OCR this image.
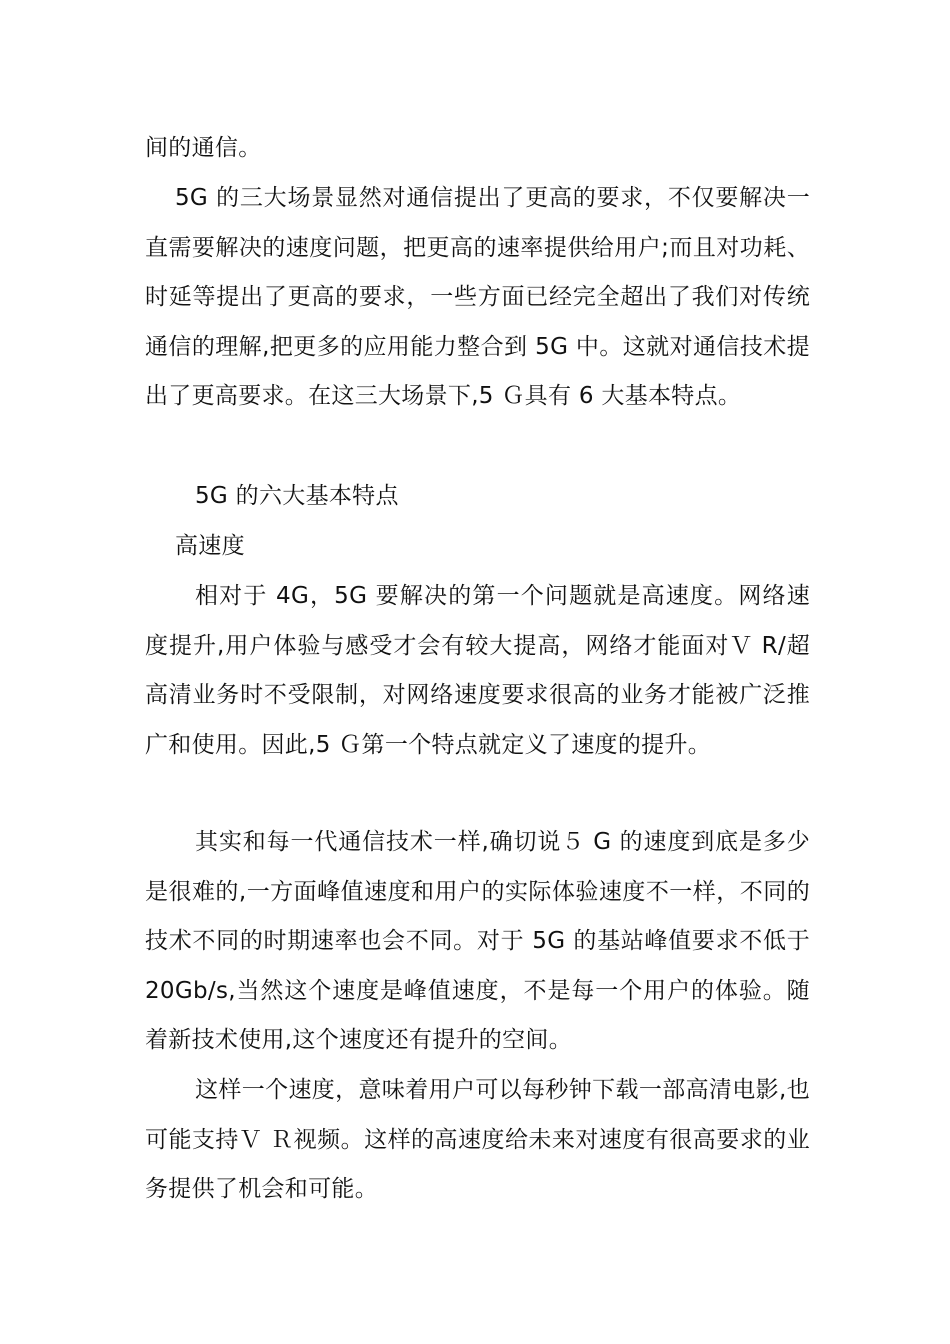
间的通信。

5G 的三大场景显然对通信提出了更高的要求，不仅要解决一直需要解决的速度问题，把更高的速率提供给用户;而且对功耗、时延等提出了更高的要求，一些方面已经完全超出了我们对传统通信的理解,把更多的应用能力整合到 5G 中。这就对通信技术提出了更高要求。在这三大场景下,5 Ｇ具有 6 大基本特点。

5G 的六大基本特点

高速度

相对于 4G，5G 要解决的第一个问题就是高速度。网络速度提升,用户体验与感受才会有较大提高，网络才能面对Ｖ R/超高清业务时不受限制，对网络速度要求很高的业务才能被广泛推广和使用。因此,5 Ｇ第一个特点就定义了速度的提升。

其实和每一代通信技术一样,确切说５ G 的速度到底是多少是很难的,一方面峰值速度和用户的实际体验速度不一样，不同的技术不同的时期速率也会不同。对于 5G 的基站峰值要求不低于 20Gb/s,当然这个速度是峰值速度，不是每一个用户的体验。随着新技术使用,这个速度还有提升的空间。

这样一个速度，意味着用户可以每秒钟下载一部高清电影,也可能支持Ｖ Ｒ视频。这样的高速度给未来对速度有很高要求的业务提供了机会和可能。
